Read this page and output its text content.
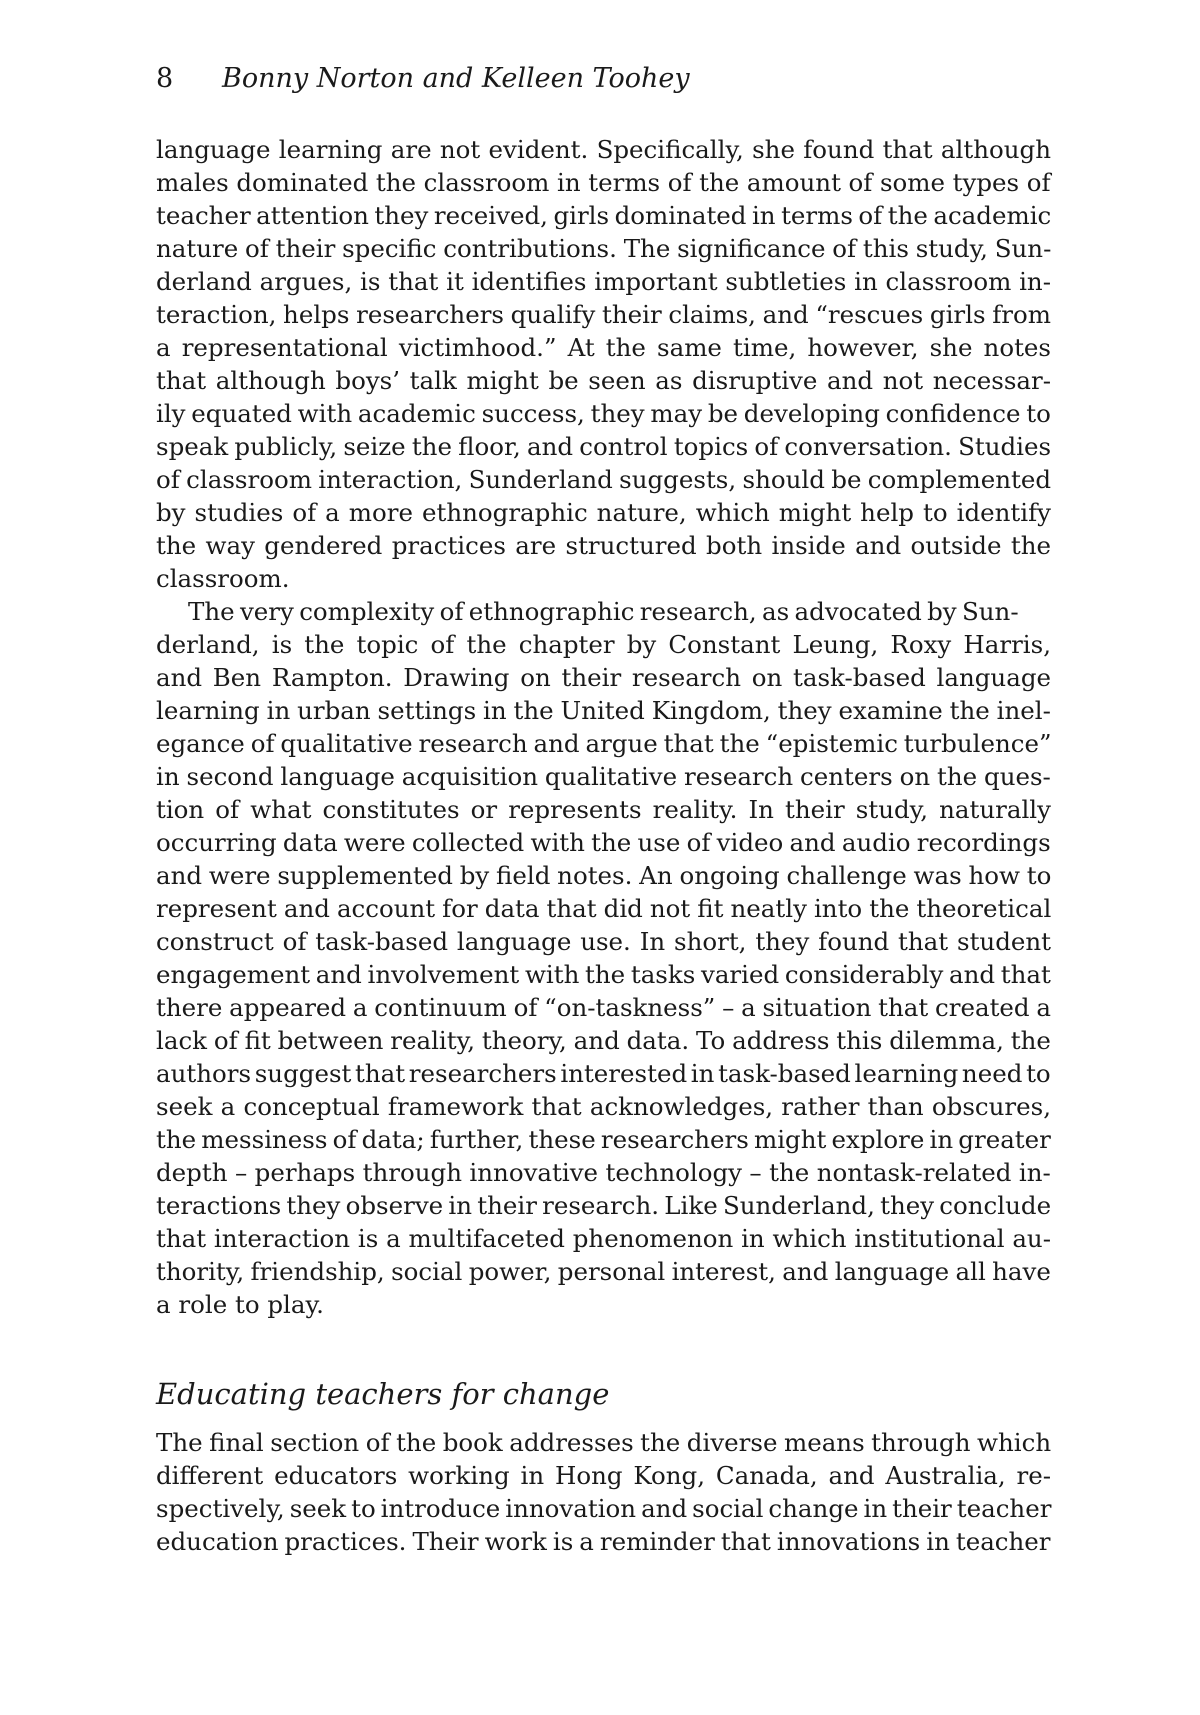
8 Bonny Norton and Kelleen Toohey
language learning are not evident. Specifically, she found that although
males dominated the classroom in terms of the amount of some types of
teacher attention they received, girls dominated in terms of the academic
nature of their specific contributions. The significance of this study, Sun-
derland argues, is that it identifies important subtleties in classroom in-
teraction, helps researchers qualify their claims, and “rescues girls from
a representational victimhood.” At the same time, however, she notes
that although boys’ talk might be seen as disruptive and not necessar-
ily equated with academic success, they may be developing confidence to
speak publicly, seize the floor, and control topics of conversation. Studies
of classroom interaction, Sunderland suggests, should be complemented
by studies of a more ethnographic nature, which might help to identify
the way gendered practices are structured both inside and outside the
classroom.
The very complexity of ethnographic research, as advocated by Sun-
derland, is the topic of the chapter by Constant Leung, Roxy Harris,
and Ben Rampton. Drawing on their research on task-based language
learning in urban settings in the United Kingdom, they examine the inel-
egance of qualitative research and argue that the “epistemic turbulence”
in second language acquisition qualitative research centers on the ques-
tion of what constitutes or represents reality. In their study, naturally
occurring data were collected with the use of video and audio recordings
and were supplemented by field notes. An ongoing challenge was how to
represent and account for data that did not fit neatly into the theoretical
construct of task-based language use. In short, they found that student
engagement and involvement with the tasks varied considerably and that
there appeared a continuum of “on-taskness” – a situation that created a
lack of fit between reality, theory, and data. To address this dilemma, the
authors suggest that researchers interested in task-based learning need to
seek a conceptual framework that acknowledges, rather than obscures,
the messiness of data; further, these researchers might explore in greater
depth – perhaps through innovative technology – the nontask-related in-
teractions they observe in their research. Like Sunderland, they conclude
that interaction is a multifaceted phenomenon in which institutional au-
thority, friendship, social power, personal interest, and language all have
a role to play.
Educating teachers for change
The final section of the book addresses the diverse means through which
different educators working in Hong Kong, Canada, and Australia, re-
spectively, seek to introduce innovation and social change in their teacher
education practices. Their work is a reminder that innovations in teacher
